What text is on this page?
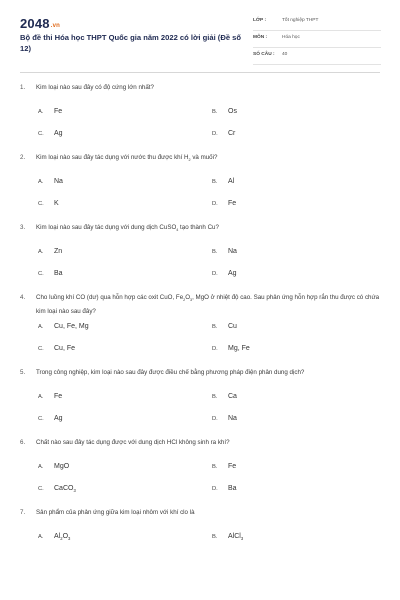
2048.vn
Bộ đề thi Hóa học THPT Quốc gia năm 2022 có lời giải (Đề số 12)
LỚP :	Tốt nghiệp THPT
MÔN :	Hóa học
SỐ CÂU : 40
1. Kim loại nào sau đây có độ cứng lớn nhất?
A. Fe	B. Os
C. Ag	D. Cr
2. Kim loại nào sau đây tác dụng với nước thu được khí $H_2$ và muối?
A. Na	B. Al
C. K	D. Fe
3. Kim loại nào sau đây tác dụng với dung dịch CuSO$_4$ tạo thành Cu?
A. Zn	B. Na
C. Ba	D. Ag
4. Cho luồng khí CO (dư) qua hỗn hợp các oxit CuO, $Fe_2O_3$, MgO ở nhiệt độ cao. Sau phản ứng hỗn hợp rắn thu được có chứa kim loại nào sau đây?
A. Cu, Fe, Mg	B. Cu
C. Cu, Fe	D. Mg, Fe
5. Trong công nghiệp, kim loại nào sau đây được điều chế bằng phương pháp điện phân dung dịch?
A. Fe	B. Ca
C. Ag	D. Na
6. Chất nào sau đây tác dụng được với dung dịch HCl không sinh ra khí?
A. MgO	B. Fe
C. CaCO$_3$	D. Ba
7. Sản phẩm của phản ứng giữa kim loại nhôm với khí clo là
A. $Al_2O_3$	B. AlCl$_3$
